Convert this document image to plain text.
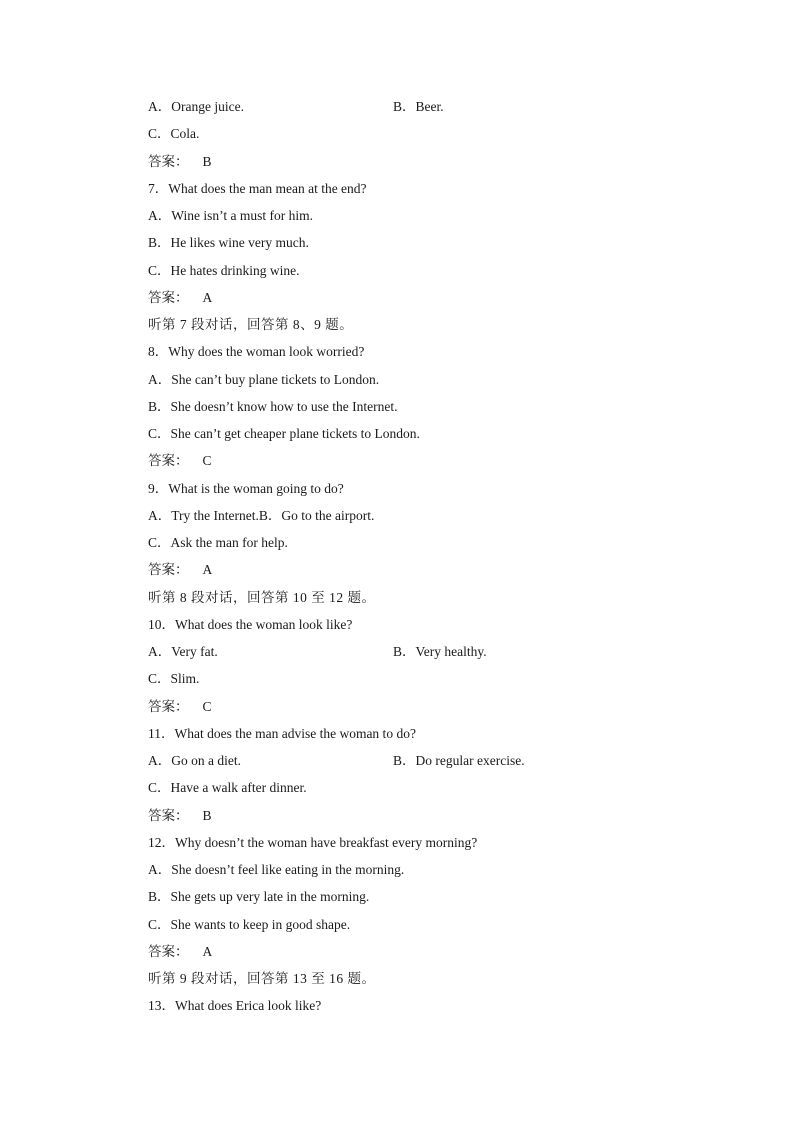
A．Orange juice.	B．Beer.
C．Cola.
答案： B
7．What does the man mean at the end?
A．Wine isn’t a must for him.
B．He likes wine very much.
C．He hates drinking wine.
答案： A
听第 7 段对话，回答第 8、9 题。
8．Why does the woman look worried?
A．She can’t buy plane tickets to London.
B．She doesn’t know how to use the Internet.
C．She can’t get cheaper plane tickets to London.
答案： C
9．What is the woman going to do?
A．Try the Internet.B．Go to the airport.
C．Ask the man for help.
答案： A
听第 8 段对话，回答第 10 至 12 题。
10．What does the woman look like?
A．Very fat.	B．Very healthy.
C．Slim.
答案： C
11．What does the man advise the woman to do?
A．Go on a diet.	B．Do regular exercise.
C．Have a walk after dinner.
答案： B
12．Why doesn’t the woman have breakfast every morning?
A．She doesn’t feel like eating in the morning.
B．She gets up very late in the morning.
C．She wants to keep in good shape.
答案： A
听第 9 段对话，回答第 13 至 16 题。
13．What does Erica look like?
